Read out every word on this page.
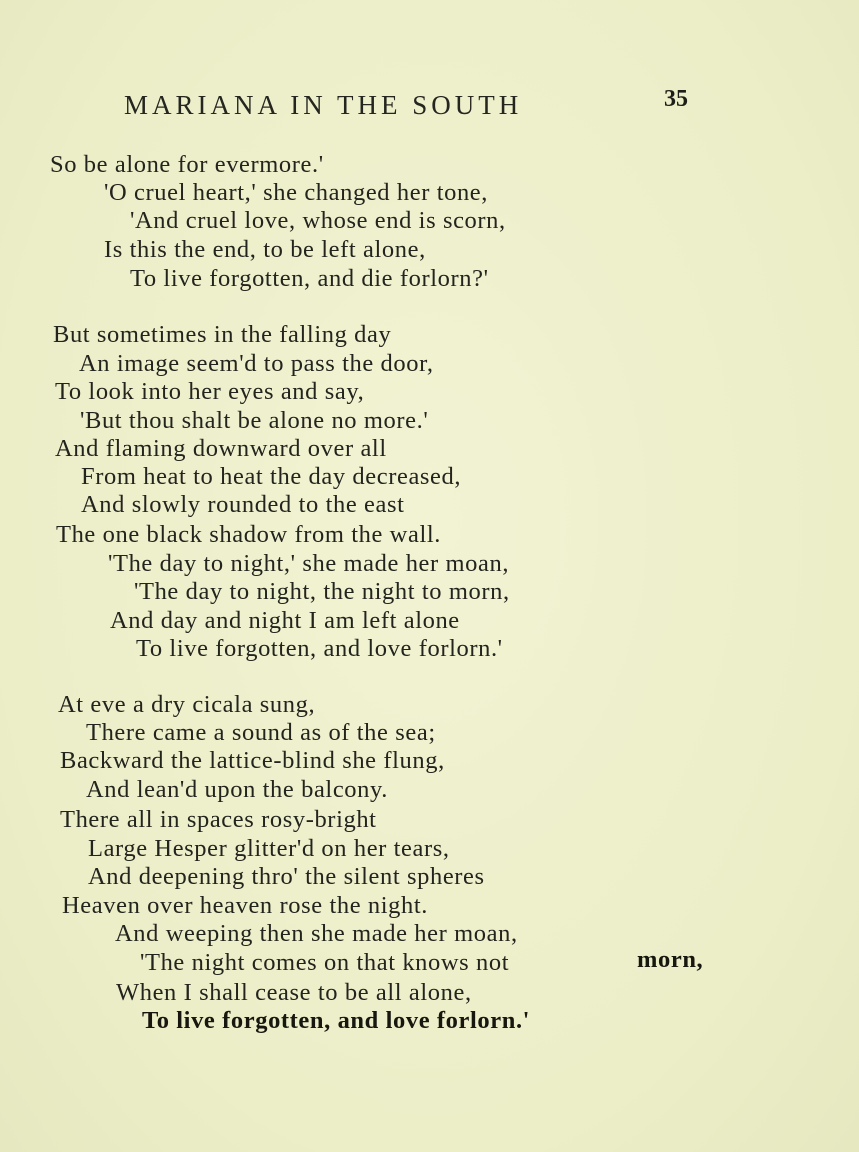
MARIANA IN THE SOUTH	35
So be alone for evermore.'
'O cruel heart,' she changed her tone,
'And cruel love, whose end is scorn,
Is this the end, to be left alone,
To live forgotten, and die forlorn?'
But sometimes in the falling day
An image seem'd to pass the door,
To look into her eyes and say,
'But thou shalt be alone no more.'
And flaming downward over all
From heat to heat the day decreased,
And slowly rounded to the east
The one black shadow from the wall.
'The day to night,' she made her moan,
'The day to night, the night to morn,
And day and night I am left alone
To live forgotten, and love forlorn.'
At eve a dry cicala sung,
There came a sound as of the sea;
Backward the lattice-blind she flung,
And lean'd upon the balcony.
There all in spaces rosy-bright
Large Hesper glitter'd on her tears,
And deepening thro' the silent spheres
Heaven over heaven rose the night.
And weeping then she made her moan,
'The night comes on that knows not	morn,
When I shall cease to be all alone,
To live forgotten, and love forlorn.'
